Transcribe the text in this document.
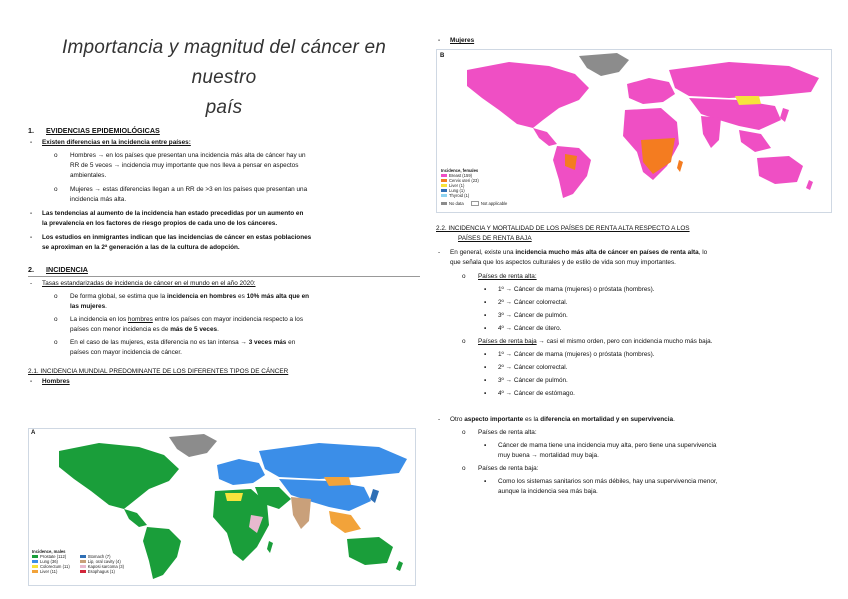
Importancia y magnitud del cáncer en nuestro
país
1. EVIDENCIAS EPIDEMIOLÓGICAS

- Existen diferencias en la incidencia entre países:

o Hombres → en los países que presentan una incidencia más alta de cáncer hay un

RR de 5 veces → incidencia muy importante que nos lleva a pensar en aspectos

ambientales.

o Mujeres → estas diferencias llegan a un RR de >3 en los países que presentan una

incidencia más alta.

- Las tendencias al aumento de la incidencia han estado precedidas por un aumento en

la prevalencia en los factores de riesgo propios de cada uno de los cánceres.

- Los estudios en inmigrantes indican que las incidencias de cáncer en estas poblaciones

se aproximan en la 2ª generación a las de la cultura de adopción.

2. INCIDENCIA

- Tasas estandarizadas de incidencia de cáncer en el mundo en el año 2020:

o De forma global, se estima que la incidencia en hombres es 10% más alta que en

las mujeres.

o La incidencia en los hombres entre los países con mayor incidencia respecto a los

países con menor incidencia es de más de 5 veces.

o En el caso de las mujeres, esta diferencia no es tan intensa → 3 veces más en

países con mayor incidencia de cáncer.

2.1. INCIDENCIA MUNDIAL PREDOMINANTE DE LOS DIFERENTES TIPOS DE CÁNCER

- Hombres

A
Incidence, males
Prostate (112)
Lung (36)
Colorectum (11)
Liver (11)
Stomach (7)
Lip, oral cavity (4)
Kaposi sarcoma (3)
Esophagus (1)

- Mujeres

B
Incidence, females
Breast (159)
Cervix uteri (23)
Liver (1)
Lung (1)
Thyroid (1)
No data	Not applicable

2.2. INCIDENCIA Y MORTALIDAD DE LOS PAÍSES DE RENTA ALTA RESPECTO A LOS

PAÍSES DE RENTA BAJA

- En general, existe una incidencia mucho más alta de cáncer en países de renta alta, lo

que señala que los aspectos culturales y de estilo de vida son muy importantes.

o Países de renta alta:

▪ 1º → Cáncer de mama (mujeres) o próstata (hombres).

▪ 2º → Cáncer colorrectal.

▪ 3º → Cáncer de pulmón.

▪ 4º → Cáncer de útero.

o Países de renta baja → casi el mismo orden, pero con incidencia mucho más baja.

▪ 1º → Cáncer de mama (mujeres) o próstata (hombres).

▪ 2º → Cáncer colorrectal.

▪ 3º → Cáncer de pulmón.

▪ 4º → Cáncer de estómago.

- Otro aspecto importante es la diferencia en mortalidad y en supervivencia.

o Países de renta alta:

▪ Cáncer de mama tiene una incidencia muy alta, pero tiene una supervivencia

muy buena → mortalidad muy baja.

o Países de renta baja:

▪ Como los sistemas sanitarios son más débiles, hay una supervivencia menor,

aunque la incidencia sea más baja.
